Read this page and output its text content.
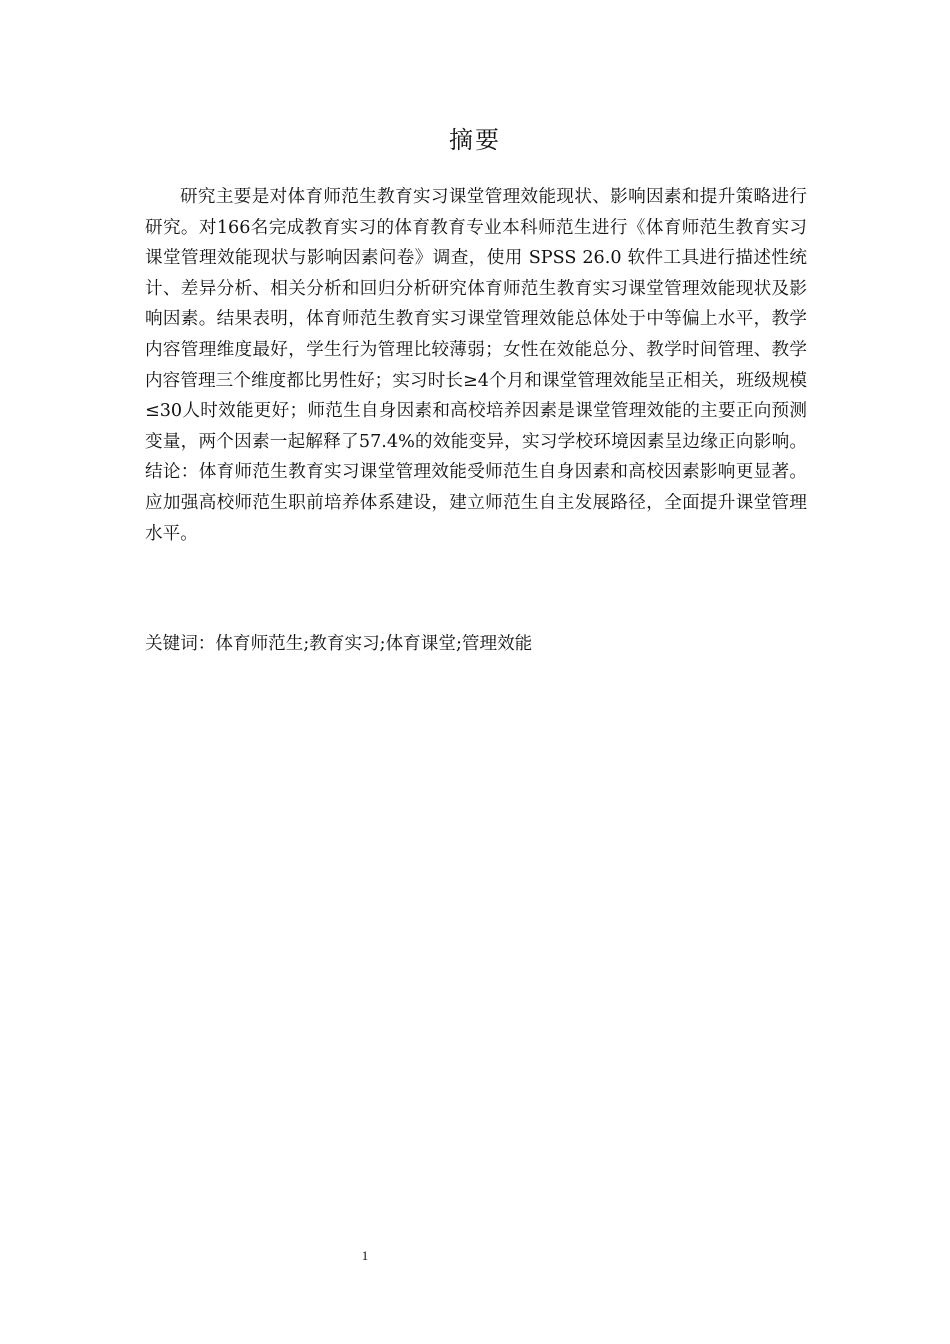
摘要

研究主要是对体育师范生教育实习课堂管理效能现状、影响因素和提升策略进行研究。对166名完成教育实习的体育教育专业本科师范生进行《体育师范生教育实习课堂管理效能现状与影响因素问卷》调查，使用 SPSS 26.0 软件工具进行描述性统计、差异分析、相关分析和回归分析研究体育师范生教育实习课堂管理效能现状及影响因素。结果表明，体育师范生教育实习课堂管理效能总体处于中等偏上水平，教学内容管理维度最好，学生行为管理比较薄弱；女性在效能总分、教学时间管理、教学内容管理三个维度都比男性好；实习时长≥4个月和课堂管理效能呈正相关，班级规模≤30人时效能更好；师范生自身因素和高校培养因素是课堂管理效能的主要正向预测变量，两个因素一起解释了57.4%的效能变异，实习学校环境因素呈边缘正向影响。结论：体育师范生教育实习课堂管理效能受师范生自身因素和高校因素影响更显著。应加强高校师范生职前培养体系建设，建立师范生自主发展路径，全面提升课堂管理水平。

关键词：体育师范生;教育实习;体育课堂;管理效能

1
